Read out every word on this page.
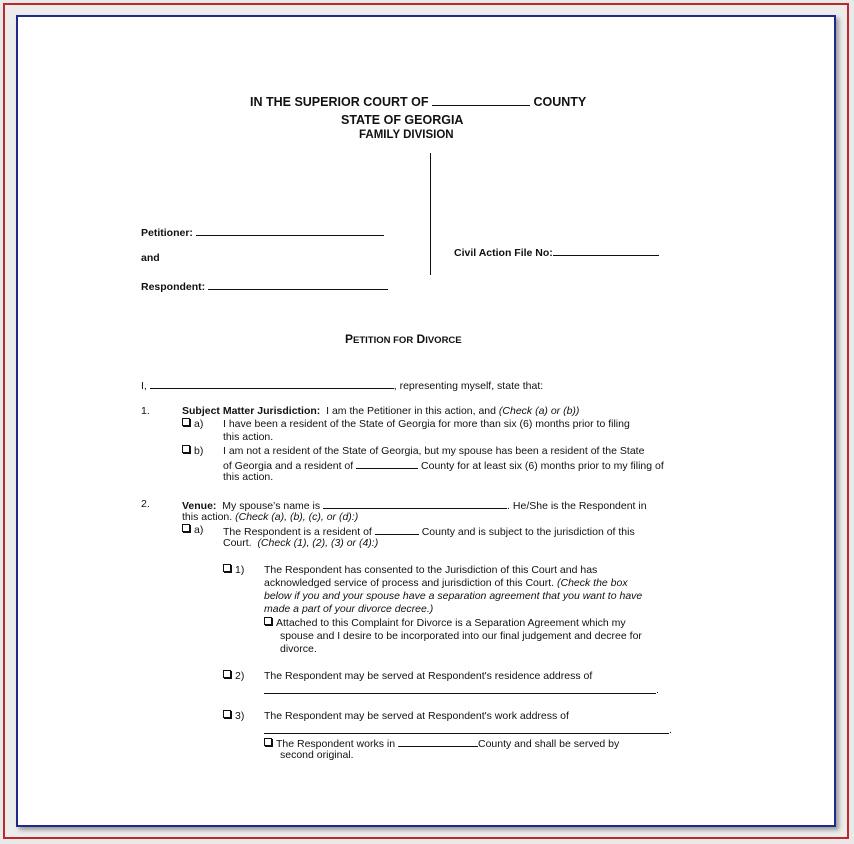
IN THE SUPERIOR COURT OF	COUNTY
STATE OF GEORGIA
FAMILY DIVISION
Petitioner:
and
Respondent:
Civil Action File No:
PETITION FOR DIVORCE
I,	, representing myself, state that:
1.	Subject Matter Jurisdiction: I am the Petitioner in this action, and (Check (a) or (b))
a) I have been a resident of the State of Georgia for more than six (6) months prior to filing
this action.
b) I am not a resident of the State of Georgia, but my spouse has been a resident of the State
of Georgia and a resident of	County for at least six (6) months prior to my filing of
this action.
2.	Venue: My spouse’s name is	. He/She is the Respondent in
this action. (Check (a), (b), (c), or (d):)
a) The Respondent is a resident of	County and is subject to the jurisdiction of this
Court. (Check (1), (2), (3) or (4):)
1) The Respondent has consented to the Jurisdiction of this Court and has
acknowledged service of process and jurisdiction of this Court. (Check the box
below if you and your spouse have a separation agreement that you want to have
made a part of your divorce decree.)
Attached to this Complaint for Divorce is a Separation Agreement which my
spouse and I desire to be incorporated into our final judgement and decree for
divorce.
2) The Respondent may be served at Respondent's residence address of
.
3) The Respondent may be served at Respondent's work address of
.
The Respondent works in	County and shall be served by
second original.
